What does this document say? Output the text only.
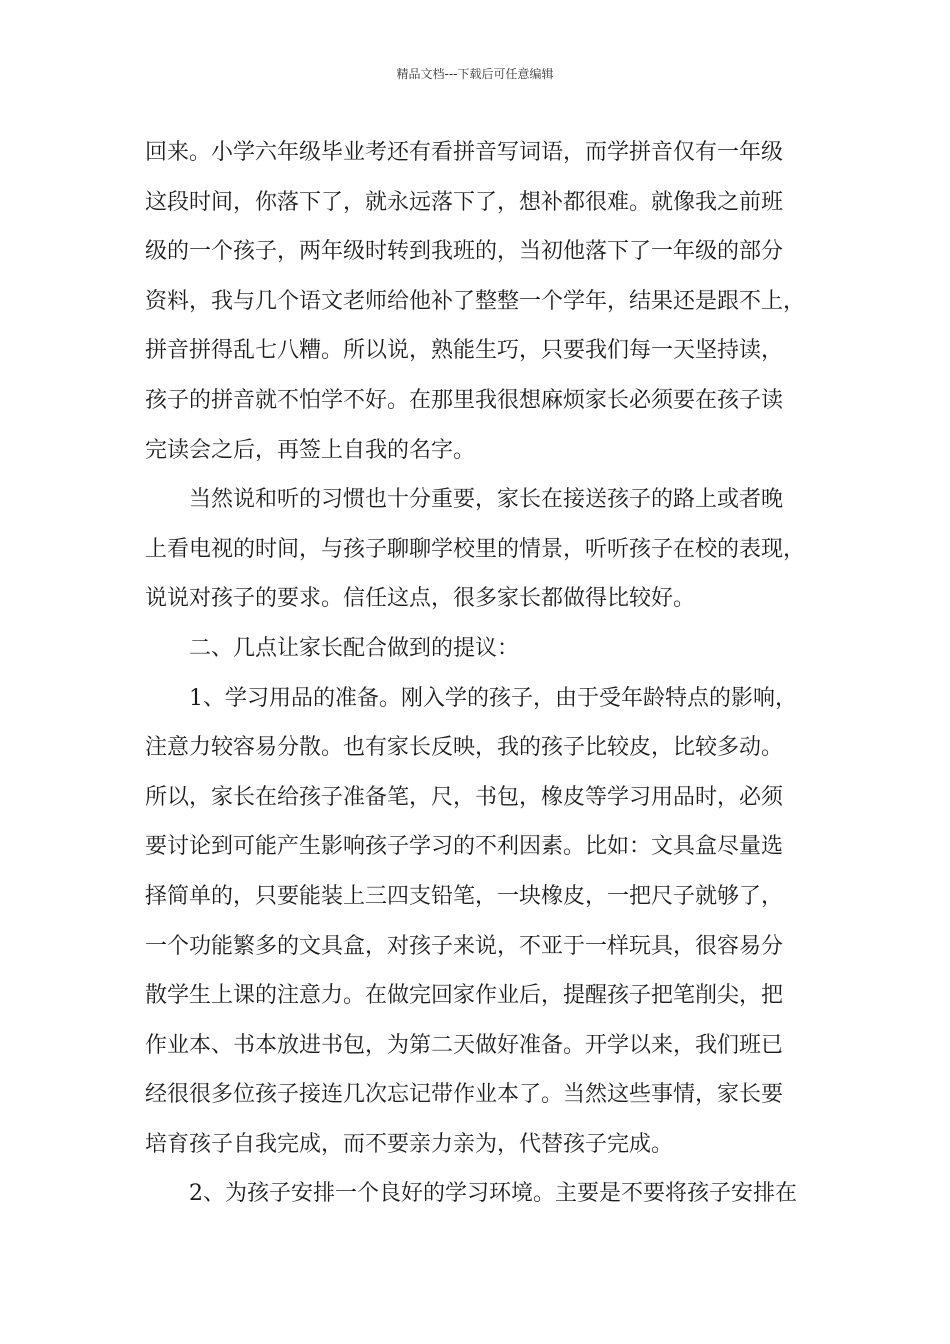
精品文档---下载后可任意编辑
回来。小学六年级毕业考还有看拼音写词语，而学拼音仅有一年级
这段时间，你落下了，就永远落下了，想补都很难。就像我之前班
级的一个孩子，两年级时转到我班的，当初他落下了一年级的部分
资料，我与几个语文老师给他补了整整一个学年，结果还是跟不上，
拼音拼得乱七八糟。所以说，熟能生巧，只要我们每一天坚持读，
孩子的拼音就不怕学不好。在那里我很想麻烦家长必须要在孩子读
完读会之后，再签上自我的名字。
当然说和听的习惯也十分重要，家长在接送孩子的路上或者晚
上看电视的时间，与孩子聊聊学校里的情景，听听孩子在校的表现，
说说对孩子的要求。信任这点，很多家长都做得比较好。
二、几点让家长配合做到的提议：
1、学习用品的准备。刚入学的孩子，由于受年龄特点的影响，
注意力较容易分散。也有家长反映，我的孩子比较皮，比较多动。
所以，家长在给孩子准备笔，尺，书包，橡皮等学习用品时，必须
要讨论到可能产生影响孩子学习的不利因素。比如：文具盒尽量选
择简单的，只要能装上三四支铅笔，一块橡皮，一把尺子就够了，
一个功能繁多的文具盒，对孩子来说，不亚于一样玩具，很容易分
散学生上课的注意力。在做完回家作业后，提醒孩子把笔削尖，把
作业本、书本放进书包，为第二天做好准备。开学以来，我们班已
经很很多位孩子接连几次忘记带作业本了。当然这些事情，家长要
培育孩子自我完成，而不要亲力亲为，代替孩子完成。
2、为孩子安排一个良好的学习环境。主要是不要将孩子安排在
